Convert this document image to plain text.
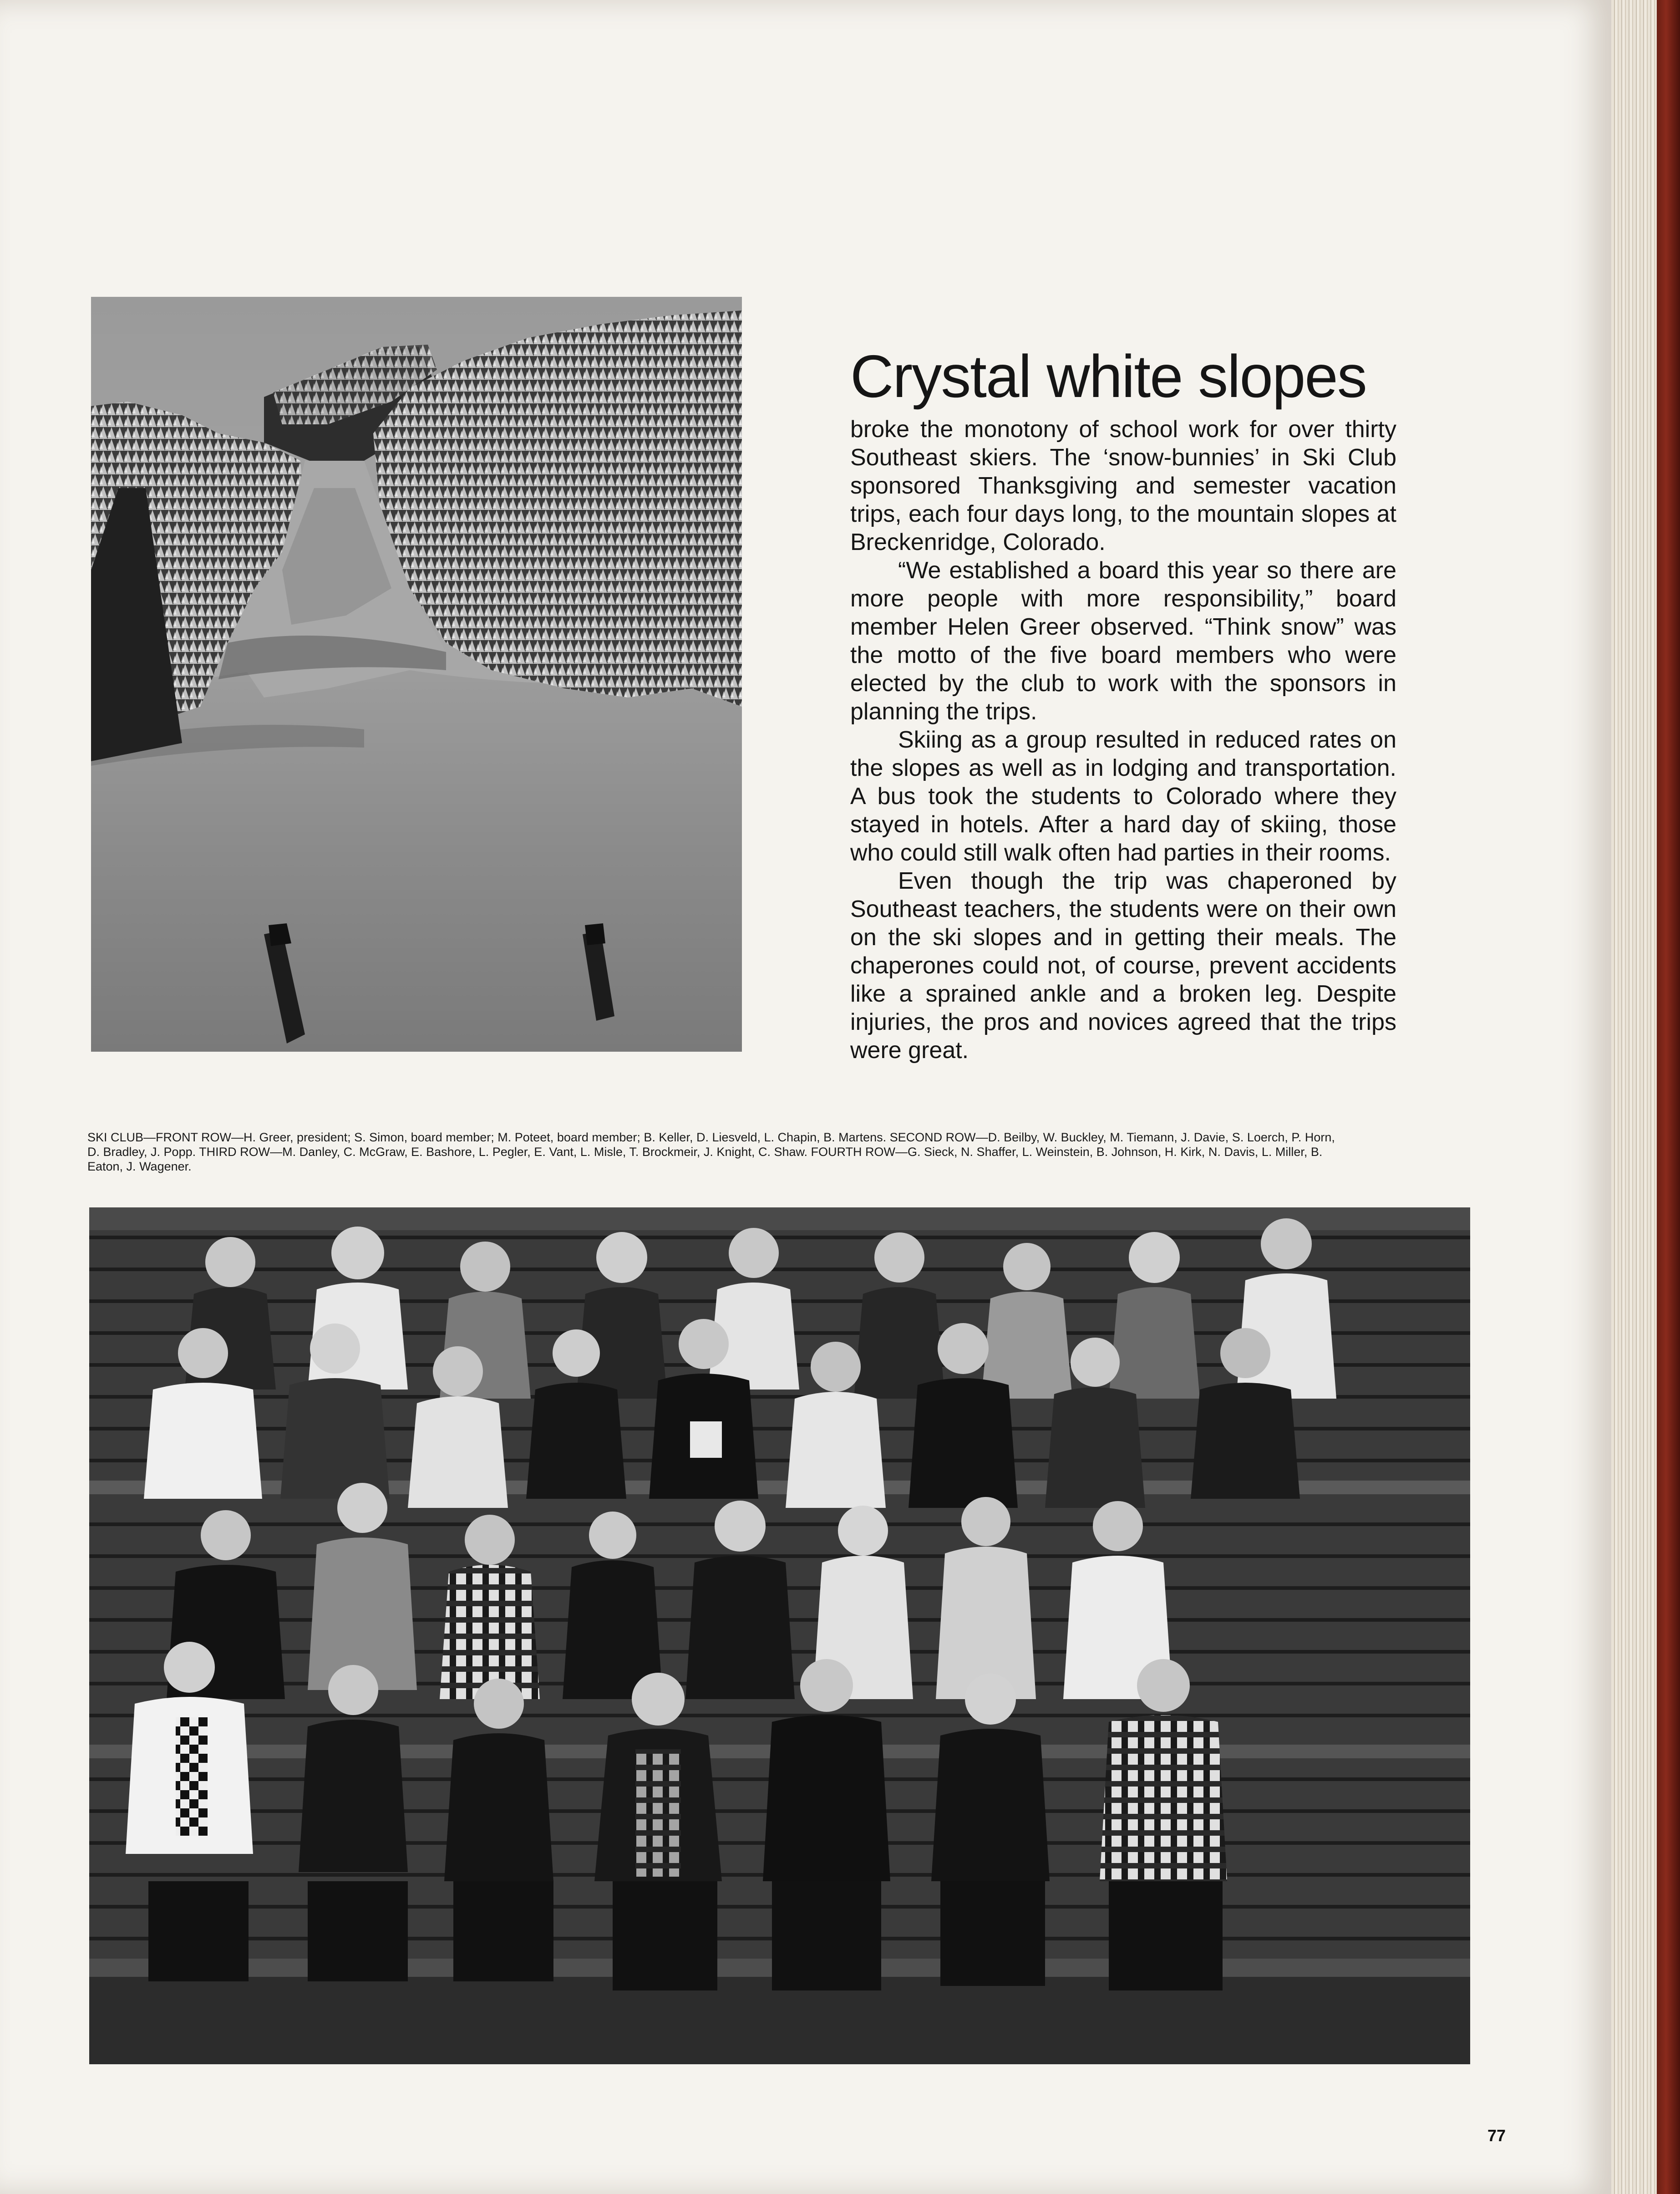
Crystal white slopes

broke the monotony of school work for over thirty Southeast skiers. The ‘snow-bunnies’ in Ski Club sponsored Thanksgiving and semester vacation trips, each four days long, to the mountain slopes at Breckenridge, Colorado.

“We established a board this year so there are more people with more responsibility,” board member Helen Greer observed. “Think snow” was the motto of the five board members who were elected by the club to work with the sponsors in planning the trips.

Skiing as a group resulted in reduced rates on the slopes as well as in lodging and transportation. A bus took the students to Colorado where they stayed in hotels. After a hard day of skiing, those who could still walk often had parties in their rooms.

Even though the trip was chaperoned by Southeast teachers, the students were on their own on the ski slopes and in getting their meals. The chaperones could not, of course, prevent accidents like a sprained ankle and a broken leg. Despite injuries, the pros and novices agreed that the trips were great.

SKI CLUB—FRONT ROW—H. Greer, president; S. Simon, board member; M. Poteet, board member; B. Keller, D. Liesveld, L. Chapin, B. Martens. SECOND ROW—D. Beilby, W. Buckley, M. Tiemann, J. Davie, S. Loerch, P. Horn, D. Bradley, J. Popp. THIRD ROW—M. Danley, C. McGraw, E. Bashore, L. Pegler, E. Vant, L. Misle, T. Brockmeir, J. Knight, C. Shaw. FOURTH ROW—G. Sieck, N. Shaffer, L. Weinstein, B. Johnson, H. Kirk, N. Davis, L. Miller, B. Eaton, J. Wagener.
77
